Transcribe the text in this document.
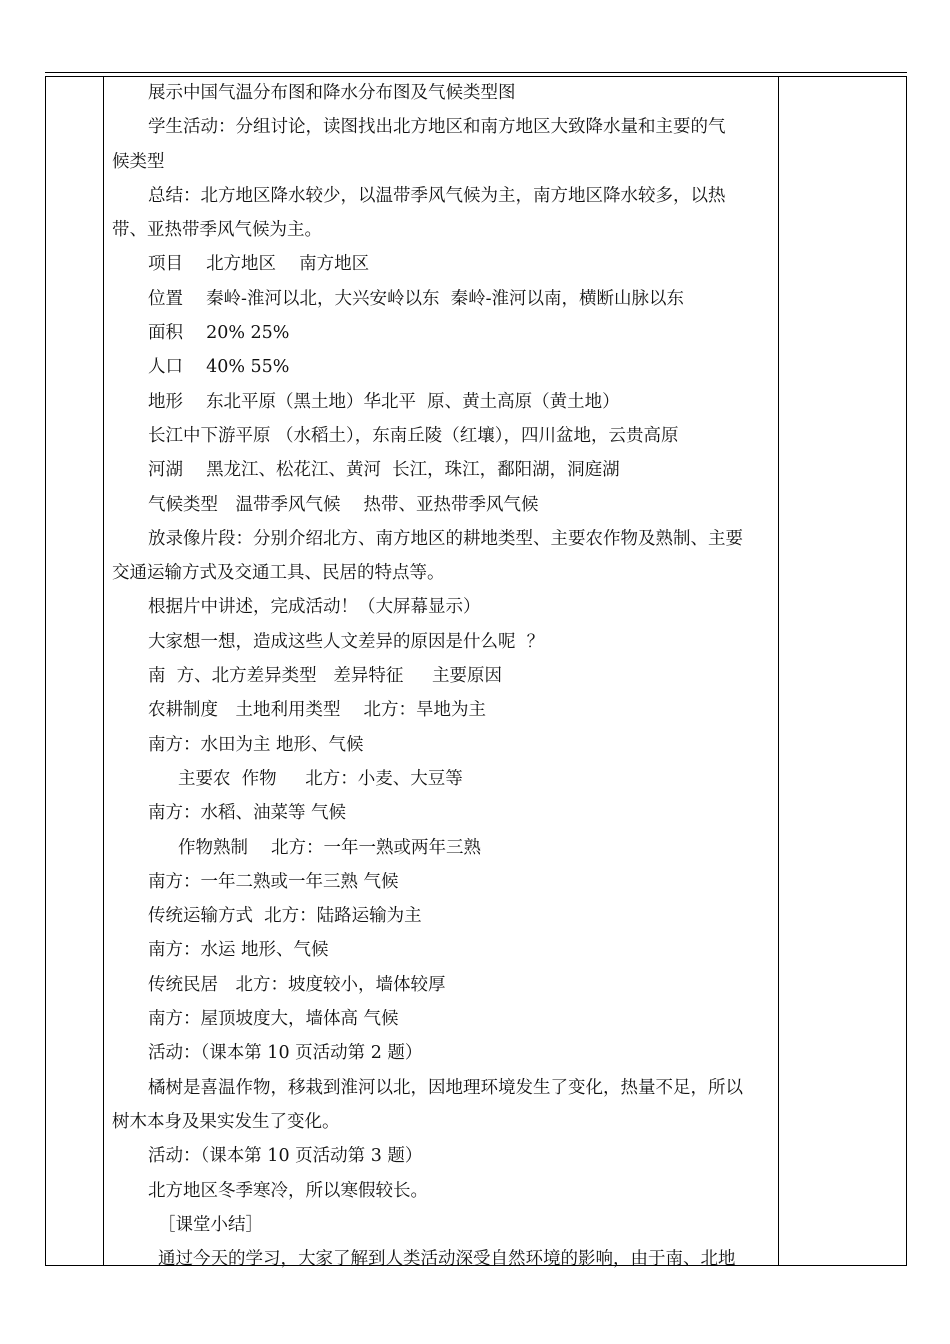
展示中国气温分布图和降水分布图及气候类型图
学生活动：分组讨论，读图找出北方地区和南方地区大致降水量和主要的气
候类型
总结：北方地区降水较少，以温带季风气候为主，南方地区降水较多，以热
带、亚热带季风气候为主。
项目　 北方地区　 南方地区
位置　 秦岭-淮河以北，大兴安岭以东  秦岭-淮河以南，横断山脉以东
面积　 20% 25%
人口　 40% 55%
地形　 东北平原（黑土地）华北平  原、黄土高原（黄土地）
长江中下游平原 （水稻土），东南丘陵（红壤），四川盆地，云贵高原
河湖　 黑龙江、松花江、黄河  长江，珠江，鄱阳湖，洞庭湖
气候类型　温带季风气候　 热带、亚热带季风气候
放录像片段：分别介绍北方、南方地区的耕地类型、主要农作物及熟制、主要
交通运输方式及交通工具、民居的特点等。
根据片中讲述，完成活动！（大屏幕显示）
大家想一想，造成这些人文差异的原因是什么呢  ？
南  方、北方差异类型   差异特征　  主要原因
农耕制度　土地利用类型　 北方：旱地为主
南方：水田为主 地形、气候
主要农  作物　  北方：小麦、大豆等
南方：水稻、油菜等 气候
作物熟制　 北方：一年一熟或两年三熟
南方：一年二熟或一年三熟 气候
传统运输方式  北方：陆路运输为主
南方：水运 地形、气候
传统民居　北方：坡度较小，墙体较厚
南方：屋顶坡度大，墙体高 气候
活动：（课本第 10 页活动第 2 题）
橘树是喜温作物，移栽到淮河以北，因地理环境发生了变化，热量不足，所以
树木本身及果实发生了变化。
活动：（课本第 10 页活动第 3 题）
北方地区冬季寒冷，所以寒假较长。
［课堂小结］
通过今天的学习，大家了解到人类活动深受自然环境的影响，由于南、北地
